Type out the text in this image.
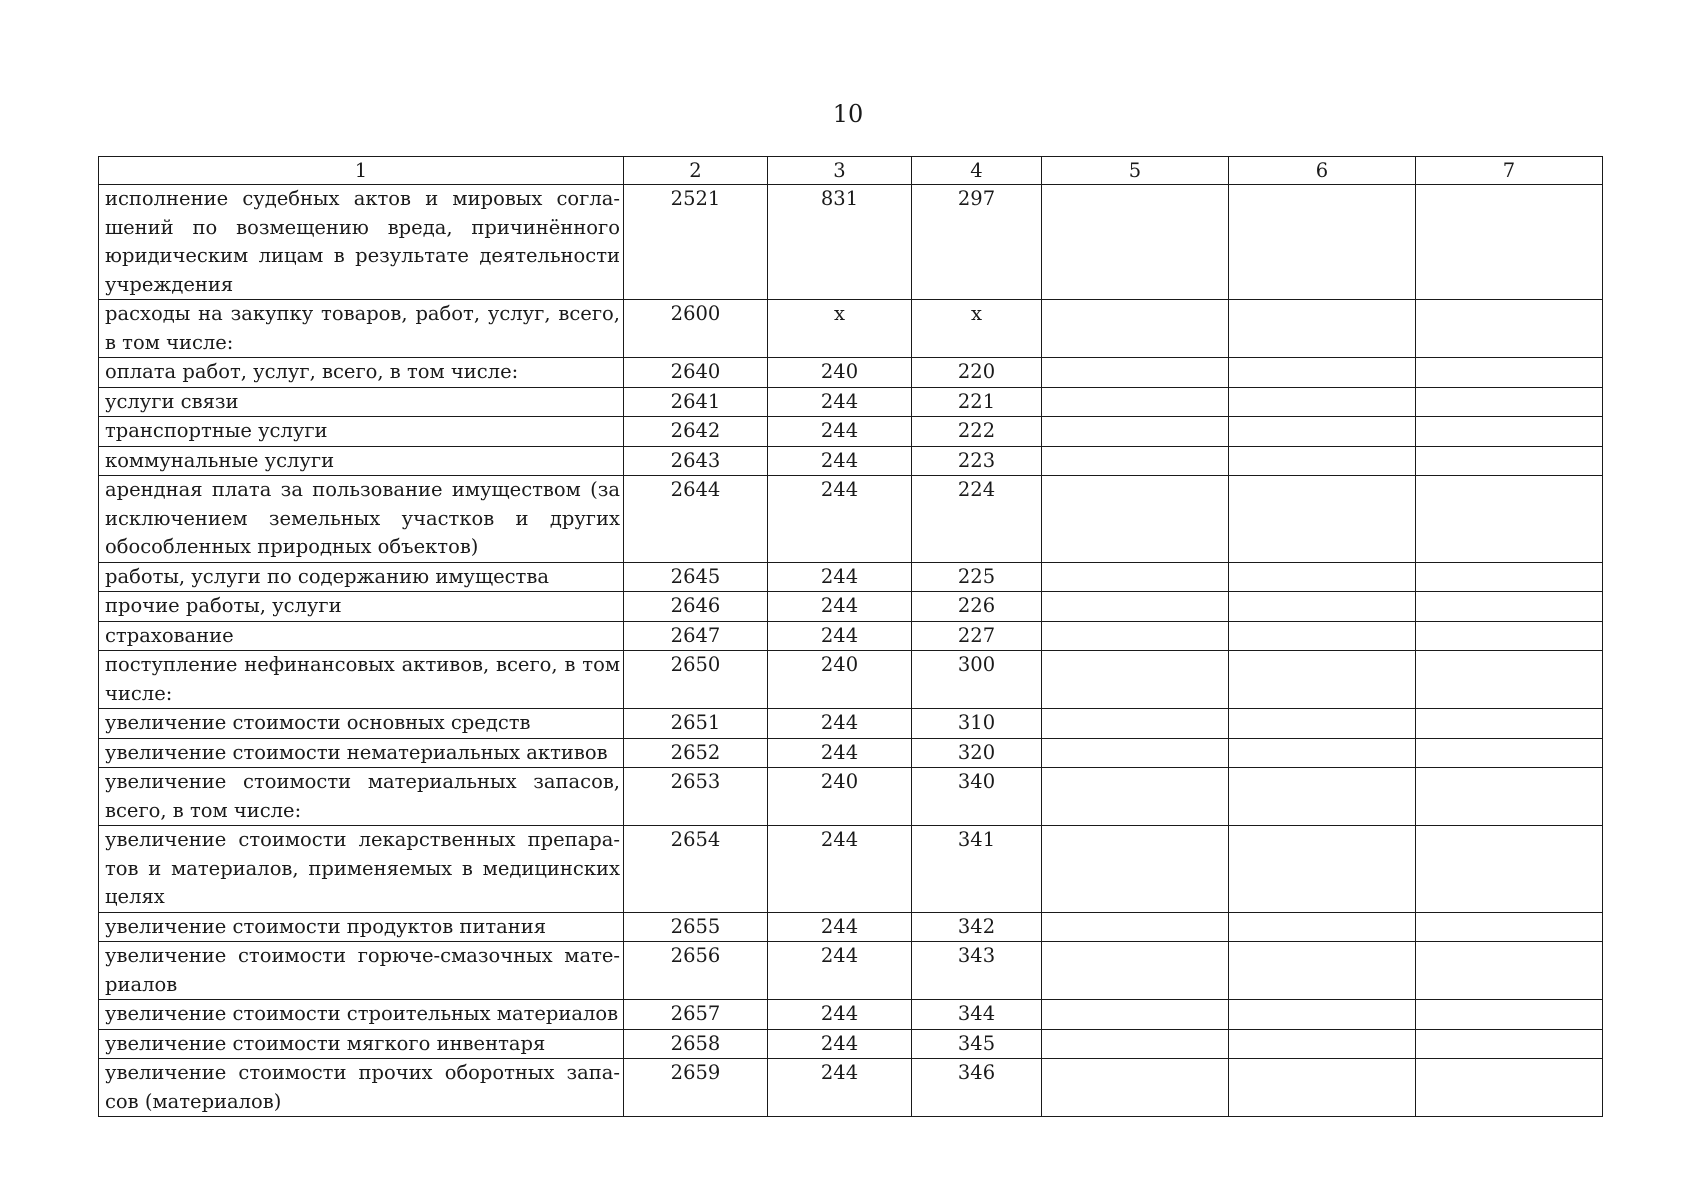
10
1	2	3	4	5	6	7
исполнение судебных актов и мировых согла-шений по возмещению вреда, причинённого юридическим лицам в результате деятельности учреждения	2521	831	297			
расходы на закупку товаров, работ, услуг, всего, в том числе:	2600	х	х			
оплата работ, услуг, всего, в том числе:	2640	240	220			
услуги связи	2641	244	221			
транспортные услуги	2642	244	222			
коммунальные услуги	2643	244	223			
арендная плата за пользование имуществом (за исключением земельных участков и других обособленных природных объектов)	2644	244	224			
работы, услуги по содержанию имущества	2645	244	225			
прочие работы, услуги	2646	244	226			
страхование	2647	244	227			
поступление нефинансовых активов, всего, в том числе:	2650	240	300			
увеличение стоимости основных средств	2651	244	310			
увеличение стоимости нематериальных активов	2652	244	320			
увеличение стоимости материальных запасов, всего, в том числе:	2653	240	340			
увеличение стоимости лекарственных препара-тов и материалов, применяемых в медицинских целях	2654	244	341			
увеличение стоимости продуктов питания	2655	244	342			
увеличение стоимости горюче-смазочных мате-риалов	2656	244	343			
увеличение стоимости строительных материалов	2657	244	344			
увеличение стоимости мягкого инвентаря	2658	244	345			
увеличение стоимости прочих оборотных запа-сов (материалов)	2659	244	346			
